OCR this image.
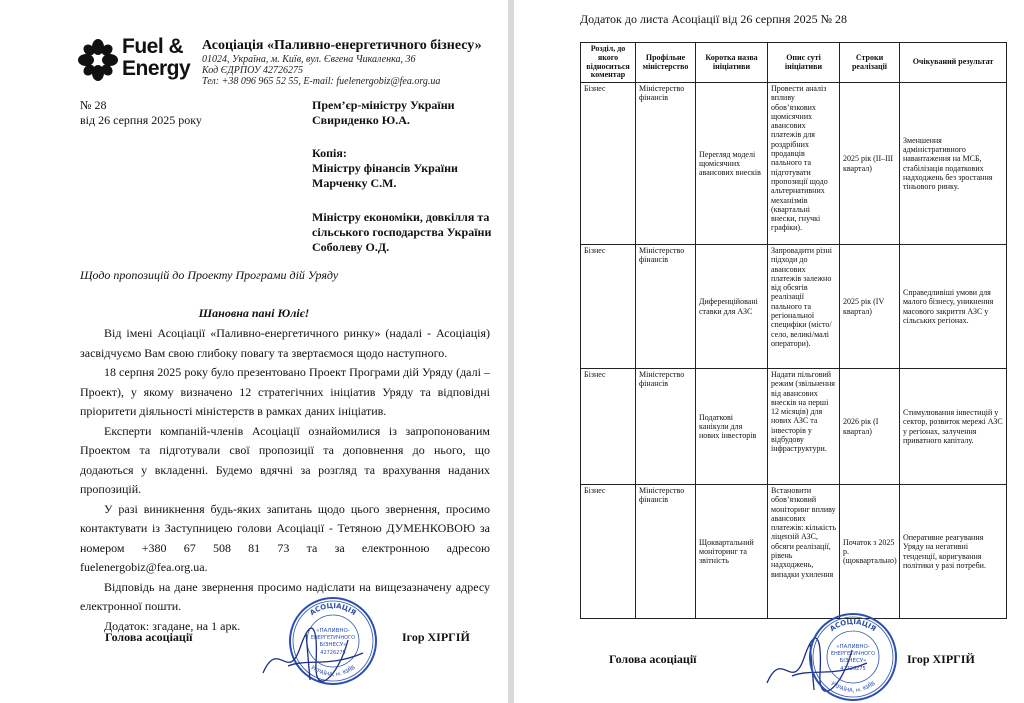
Fuel &
Energy
Асоціація «Паливно-енергетичного бізнесу»
01024, Україна, м. Київ, вул. Євгена Чикаленка, 36
Код ЄДРПОУ 42726275
Тел: +38 096 965 52 55, E-mail: fuelenergobiz@fea.org.ua
№ 28
від 26 серпня 2025 року
Прем’єр-міністру України
Свириденко Ю.А.
Копія:
Міністру фінансів України
Марченку С.М.
Міністру економіки, довкілля та
сільського господарства України
Соболеву О.Д.
Щодо пропозицій до Проекту Програми дій Уряду
Шановна пані Юліє!

Від імені Асоціації «Паливно-енергетичного ринку» (надалі - Асоціація) засвідчуємо Вам свою глибоку повагу та звертаємося щодо наступного.

18 серпня 2025 року було презентовано Проект Програми дій Уряду (далі – Проект), у якому визначено 12 стратегічних ініціатив Уряду та відповідні пріоритети діяльності міністерств в рамках даних ініціатив.

Експерти компаній-членів Асоціації ознайомилися із запропонованим Проектом та підготували свої пропозиції та доповнення до нього, що додаються у вкладенні. Будемо вдячні за розгляд та врахування наданих пропозицій.

У разі виникнення будь-яких запитань щодо цього звернення, просимо контактувати із Заступницею голови Асоціації - Тетяною ДУМЕНКОВОЮ за номером +380 67 508 81 73 та за електронною адресою fuelenergobiz@fea.org.ua.

Відповідь на дане звернення просимо надіслати на вищезазначену адресу електронної пошти.

Додаток: згадане, на 1 арк.

АСОЦІАЦІЯ
УКРАЇНА, м. КИЇВ
«ПАЛИВНО-
ЕНЕРГЕТИЧНОГО
БІЗНЕСУ»
42726275
Голова асоціації	Ігор ХІРГІЙ
Додаток до листа Асоціації від 26 серпня 2025 № 28
Розділ, до якого відноситься коментар	Профільне міністерство	Коротка назва ініціативи	Опис суті ініціативи	Строки реалізації	Очікуваний результат
Бізнес	Міністерство фінансів	Перегляд моделі щомісячних авансових внесків	Провести аналіз впливу обов’язкових щомісячних авансових платежів для роздрібних продавців пального та підготувати пропозиції щодо альтернативних механізмів (квартальні внески, гнучкі графіки).	2025 рік (II–III квартал)	Зменшення адміністративного навантаження на МСБ, стабілізація податкових надходжень без зростання тіньового ринку.
Бізнес	Міністерство фінансів	Диференційовані ставки для АЗС	Запровадити різні підходи до авансових платежів залежно від обсягів реалізації пального та регіональної специфіки (місто/село, великі/малі оператори).	2025 рік (IV квартал)	Справедливіші умови для малого бізнесу, уникнення масового закриття АЗС у сільських регіонах.
Бізнес	Міністерство фінансів	Податкові канікули для нових інвесторів	Надати пільговий режим (звільнення від авансових внесків на перші 12 місяців) для нових АЗС та інвесторів у відбудову інфраструктури.	2026 рік (I квартал)	Стимулювання інвестицій у сектор, розвиток мережі АЗС у регіонах, залучення приватного капіталу.
Бізнес	Міністерство фінансів	Щоквартальний моніторинг та звітність	Встановити обов’язковий моніторинг впливу авансових платежів: кількість ліцензій АЗС, обсяги реалізації, рівень надходжень, випадки ухилення	Початок з 2025 р. (щоквартально)	Оперативне реагування Уряду на негативні тенденції, коригування політики у разі потреби.
АСОЦІАЦІЯ
УКРАЇНА, м. КИЇВ
«ПАЛИВНО-
ЕНЕРГЕТИЧНОГО
БІЗНЕСУ»
42726275
Голова асоціації	Ігор ХІРГІЙ
